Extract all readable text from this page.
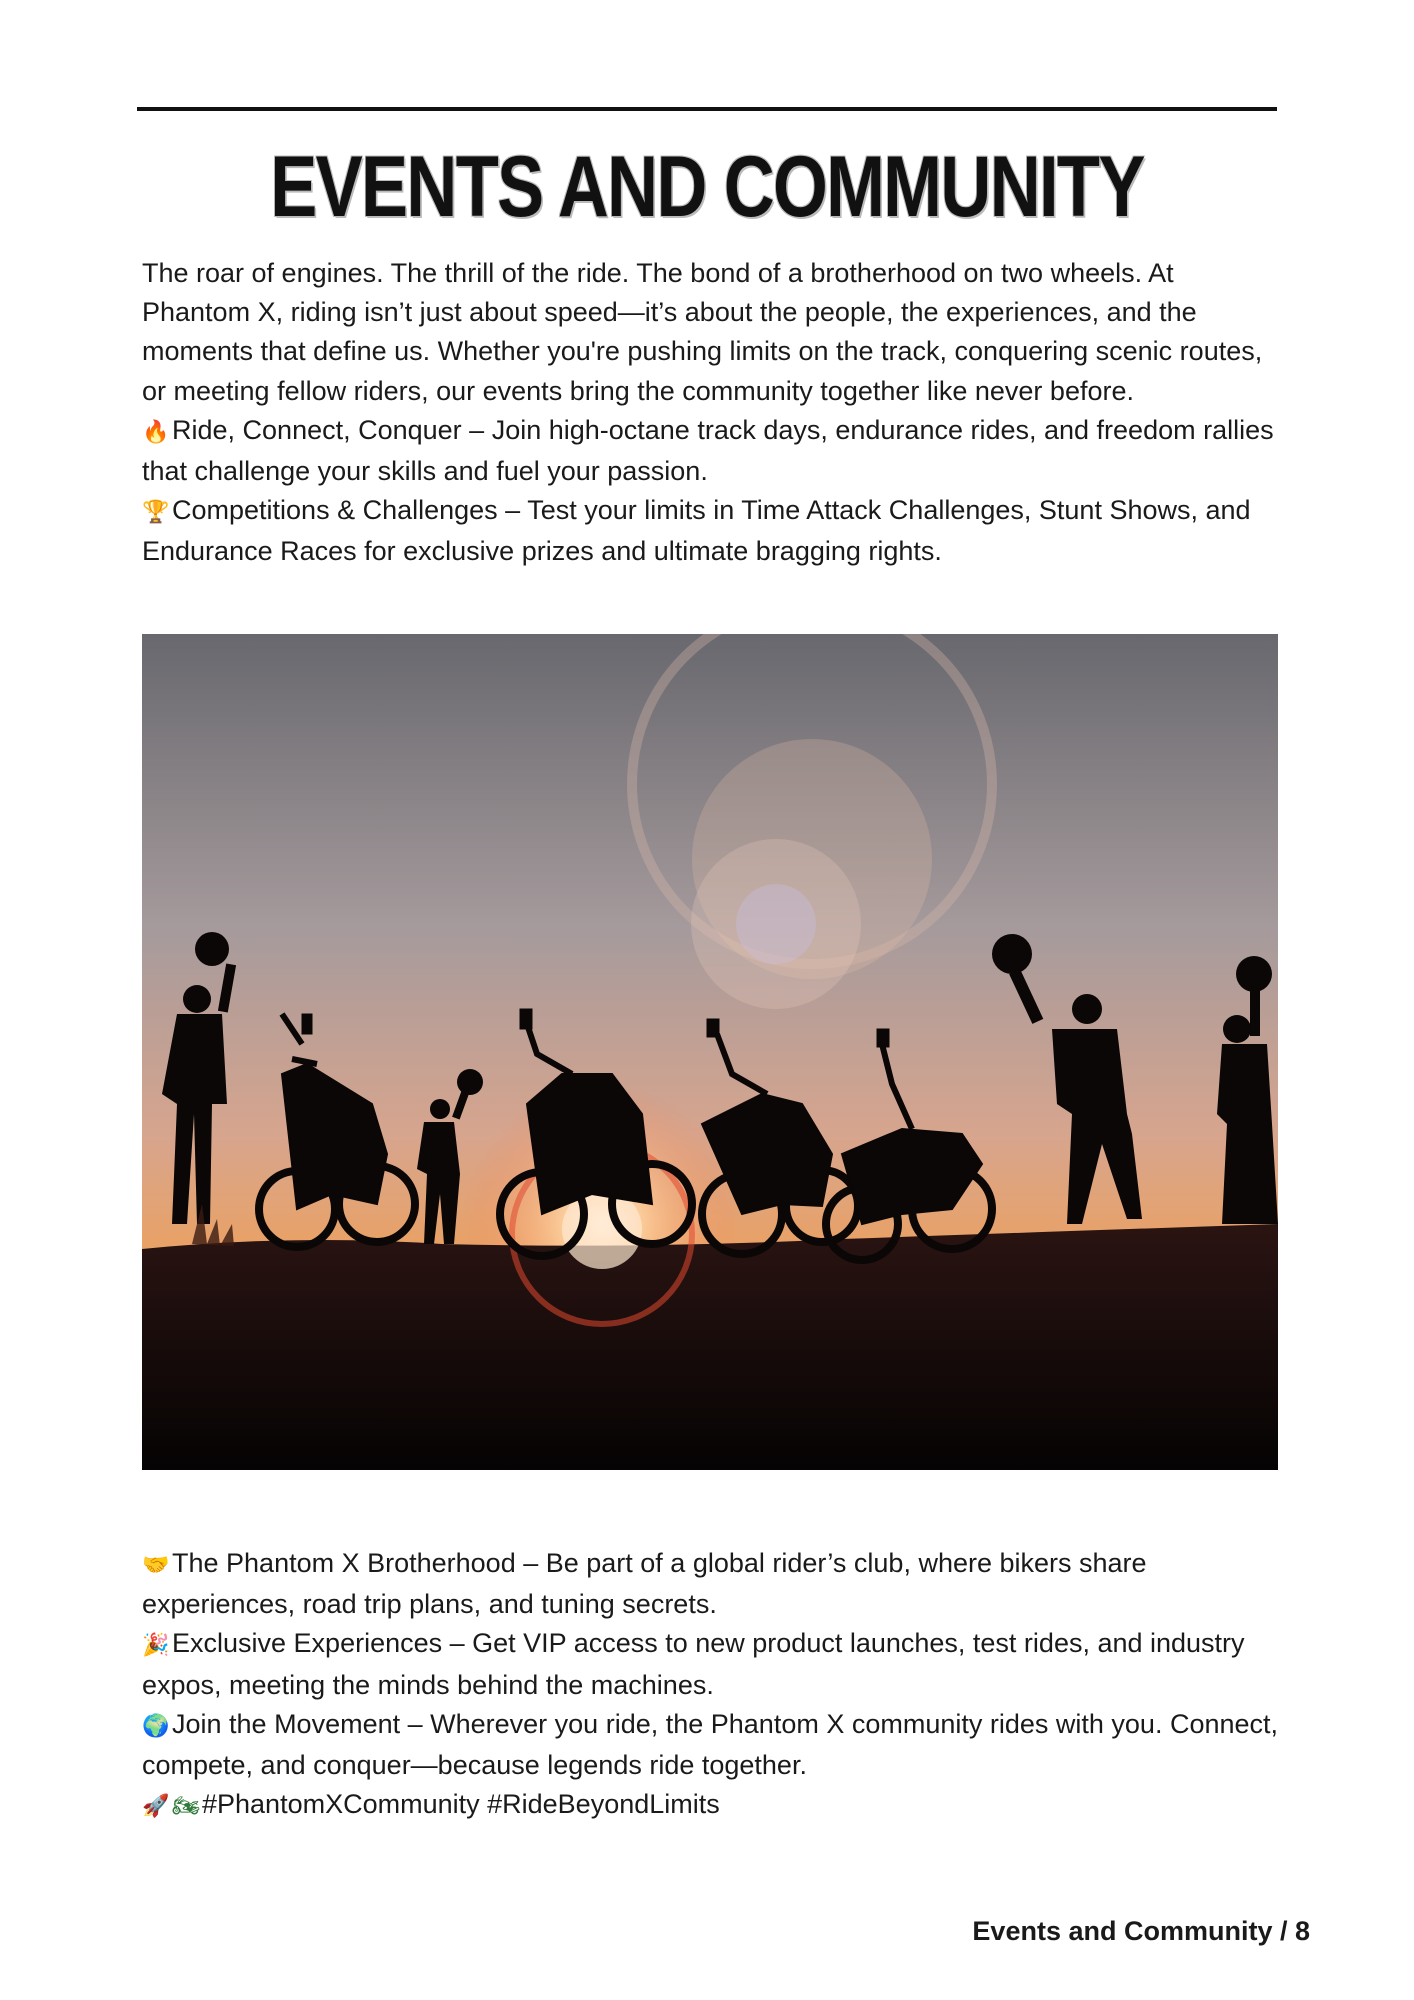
EVENTS AND COMMUNITY

The roar of engines. The thrill of the ride. The bond of a brotherhood on two wheels. At Phantom X, riding isn’t just about speed—it’s about the people, the experiences, and the moments that define us. Whether you're pushing limits on the track, conquering scenic routes, or meeting fellow riders, our events bring the community together like never before.

🔥Ride, Connect, Conquer – Join high-octane track days, endurance rides, and freedom rallies that challenge your skills and fuel your passion.

🏆Competitions & Challenges – Test your limits in Time Attack Challenges, Stunt Shows, and Endurance Races for exclusive prizes and ultimate bragging rights.

🤝The Phantom X Brotherhood – Be part of a global rider’s club, where bikers share experiences, road trip plans, and tuning secrets.

🎉Exclusive Experiences – Get VIP access to new product launches, test rides, and industry expos, meeting the minds behind the machines.

🌍Join the Movement – Wherever you ride, the Phantom X community rides with you. Connect, compete, and conquer—because legends ride together.

🚀 🏍#PhantomXCommunity #RideBeyondLimits

Events and Community / 8
